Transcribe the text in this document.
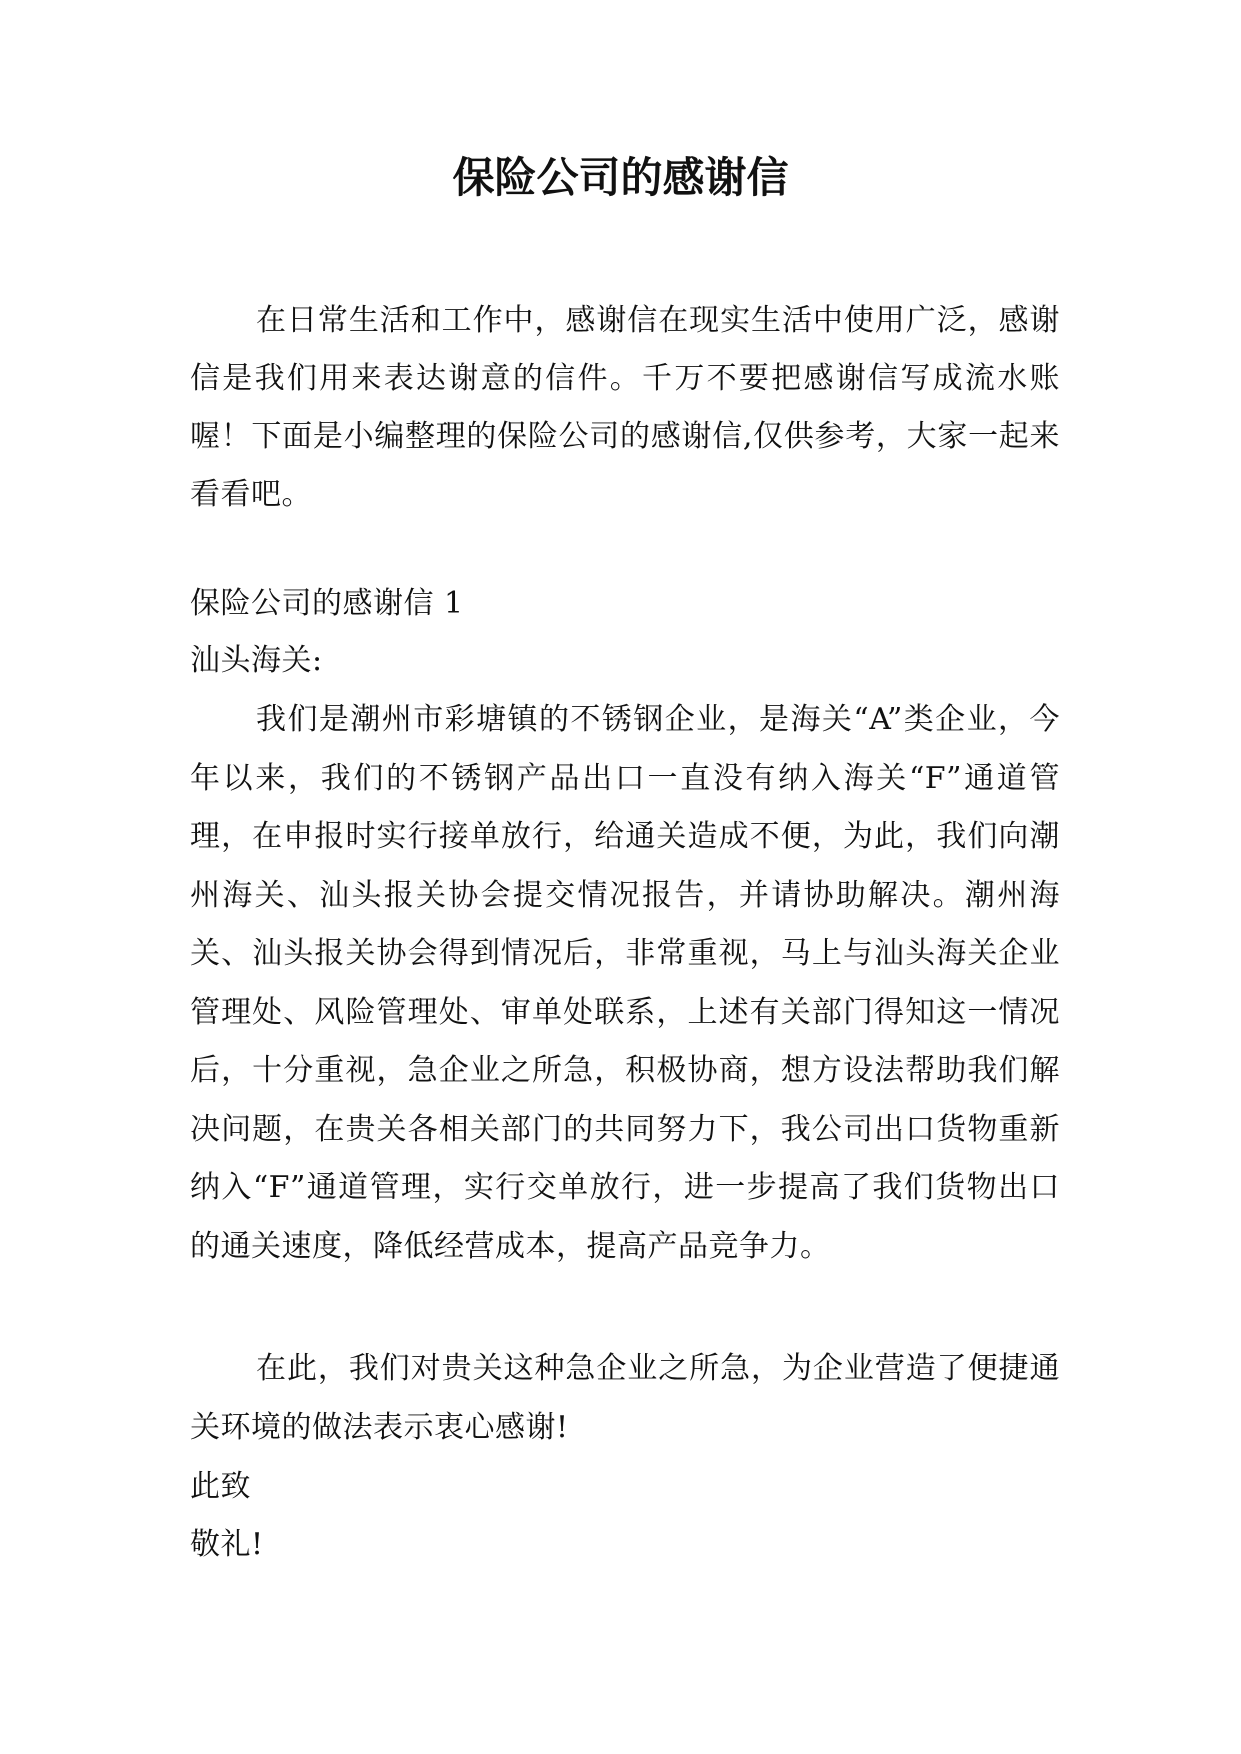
保险公司的感谢信

在日常生活和工作中，感谢信在现实生活中使用广泛，感谢信是我们用来表达谢意的信件。千万不要把感谢信写成流水账喔！下面是小编整理的保险公司的感谢信,仅供参考，大家一起来看看吧。

保险公司的感谢信 1

汕头海关:

我们是潮州市彩塘镇的不锈钢企业，是海关“A”类企业，今年以来，我们的不锈钢产品出口一直没有纳入海关“F”通道管理，在申报时实行接单放行，给通关造成不便，为此，我们向潮州海关、汕头报关协会提交情况报告，并请协助解决。潮州海关、汕头报关协会得到情况后，非常重视，马上与汕头海关企业管理处、风险管理处、审单处联系，上述有关部门得知这一情况后，十分重视，急企业之所急，积极协商，想方设法帮助我们解决问题，在贵关各相关部门的共同努力下，我公司出口货物重新纳入“F”通道管理，实行交单放行，进一步提高了我们货物出口的通关速度，降低经营成本，提高产品竞争力。

在此，我们对贵关这种急企业之所急，为企业营造了便捷通关环境的做法表示衷心感谢!

此致

敬礼!
